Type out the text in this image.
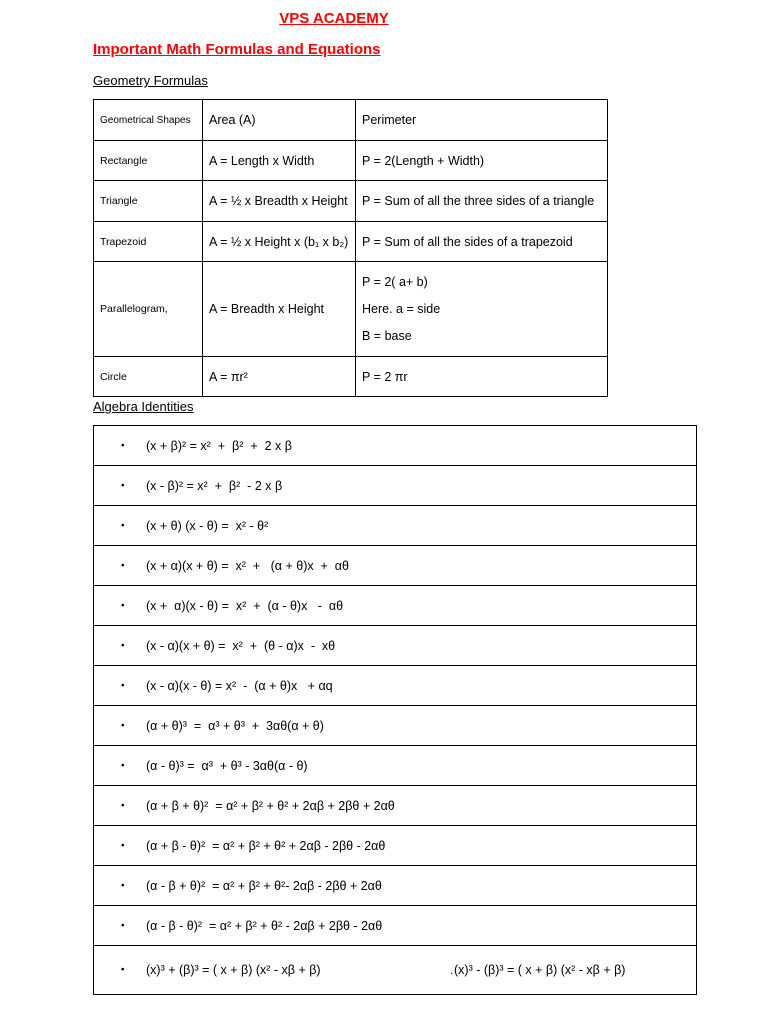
VPS ACADEMY
Important Math Formulas and Equations
Geometry Formulas
Geometrical Shapes	Area (A)	Perimeter
Rectangle	A = Length x Width	P = 2(Length + Width)
Triangle	A = ½ x Breadth x Height	P = Sum of all the three sides of a triangle
Trapezoid	A = ½ x Height x (b₁ x b₂)	P = Sum of all the sides of a trapezoid
Parallelogram,	A = Breadth x Height	P = 2( a+ b)
Here. a = side
B = base

Circle	A = πr²	P = 2 πr
Algebra Identities
• (x + β)² = x²  +  β²  +  2 x β

• (x - β)² = x²  +  β²  - 2 x β

• (x + θ) (x - θ) =  x² - θ²

• (x + α)(x + θ) =  x²  +   (α + θ)x  +  αθ

• (x +  α)(x - θ) =  x²  +  (α - θ)x   -  αθ

• (x - α)(x + θ) =  x²  +  (θ - α)x  -  xθ

• (x - α)(x - θ) = x²  -  (α + θ)x   + αq

• (α + θ)³  =  α³ + θ³  +  3αθ(α + θ)

• (α - θ)³ =  α³  + θ³ - 3αθ(α - θ)

• (α + β + θ)²  = α² + β² + θ² + 2αβ + 2βθ + 2αθ

• (α + β - θ)²  = α² + β² + θ² + 2αβ - 2βθ - 2αθ

• (α - β + θ)²  = α² + β² + θ²- 2αβ - 2βθ + 2αθ

• (α - β - θ)²  = α² + β² + θ² - 2αβ + 2βθ - 2αθ

• (x)³ + (β)³ = ( x + β) (x² - xβ + β)	. (x)³ - (β)³ = ( x + β) (x² - xβ + β)
